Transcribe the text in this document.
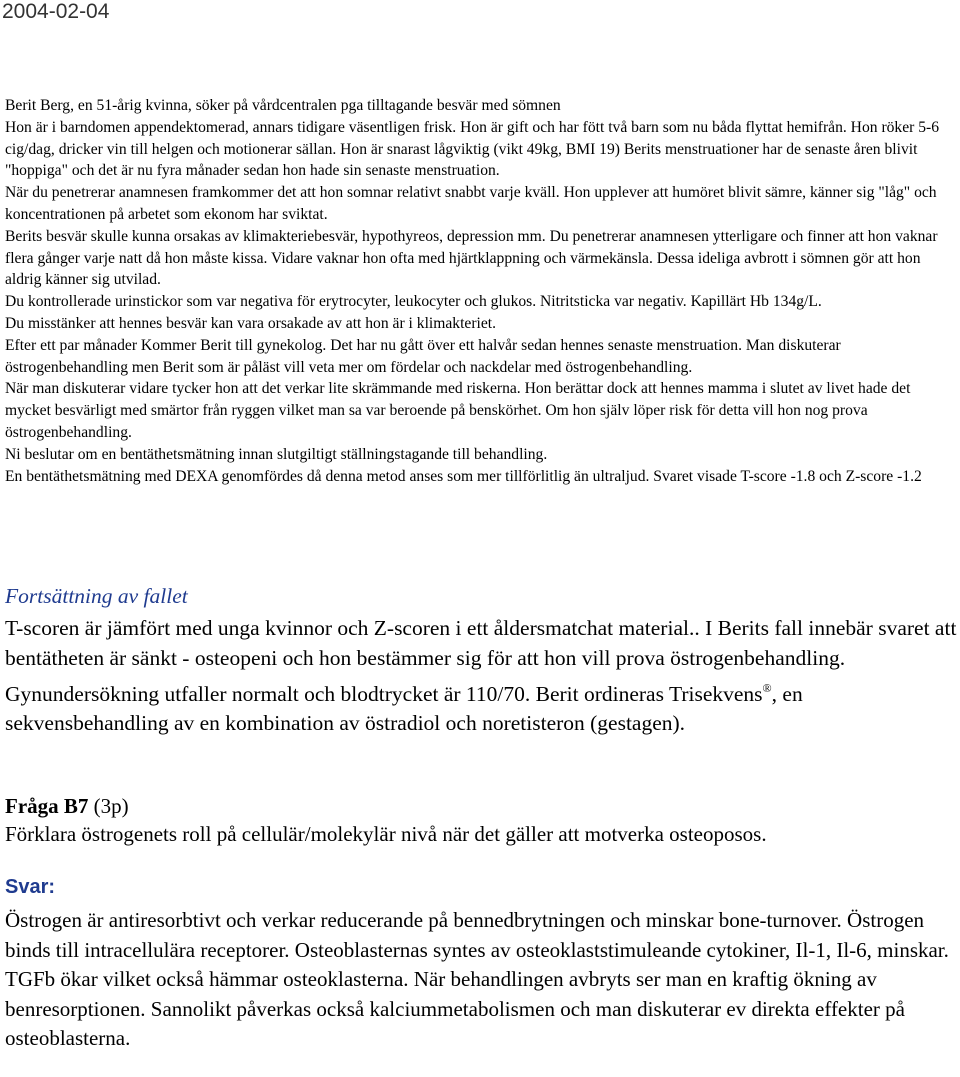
2004-02-04

Berit Berg, en 51-årig kvinna, söker på vårdcentralen pga tilltagande besvär med sömnen

Hon är i barndomen appendektomerad, annars tidigare väsentligen frisk. Hon är gift och har fött två barn som nu båda flyttat hemifrån. Hon röker 5-6 cig/dag, dricker vin till helgen och motionerar sällan. Hon är snarast lågviktig (vikt 49kg, BMI 19) Berits menstruationer har de senaste åren blivit "hoppiga" och det är nu fyra månader sedan hon hade sin senaste menstruation.

När du penetrerar anamnesen framkommer det att hon somnar relativt snabbt varje kväll. Hon upplever att humöret blivit sämre, känner sig "låg" och koncentrationen på arbetet som ekonom har sviktat.

Berits besvär skulle kunna orsakas av klimakteriebesvär, hypothyreos, depression mm. Du penetrerar anamnesen ytterligare och finner att hon vaknar flera gånger varje natt då hon måste kissa. Vidare vaknar hon ofta med hjärtklappning och värmekänsla. Dessa ideliga avbrott i sömnen gör att hon aldrig känner sig utvilad.

Du kontrollerade urinstickor som var negativa för erytrocyter, leukocyter och glukos. Nitritsticka var negativ. Kapillärt Hb 134g/L.

Du misstänker att hennes besvär kan vara orsakade av att hon är i klimakteriet.

Efter ett par månader Kommer Berit till gynekolog. Det har nu gått över ett halvår sedan hennes senaste menstruation. Man diskuterar östrogenbehandling men Berit som är påläst vill veta mer om fördelar och nackdelar med östrogenbehandling.

När man diskuterar vidare tycker hon att det verkar lite skrämmande med riskerna. Hon berättar dock att hennes mamma i slutet av livet hade det mycket besvärligt med smärtor från ryggen vilket man sa var beroende på benskörhet. Om hon själv löper risk för detta vill hon nog prova östrogenbehandling.

Ni beslutar om en bentäthetsmätning innan slutgiltigt ställningstagande till behandling.

En bentäthetsmätning med DEXA genomfördes då denna metod anses som mer tillförlitlig än ultraljud. Svaret visade T-score -1.8 och Z-score -1.2

Fortsättning av fallet
T-scoren är jämfört med unga kvinnor och Z-scoren i ett åldersmatchat material.. I Berits fall innebär svaret att bentätheten är sänkt - osteopeni och hon bestämmer sig för att hon vill prova östrogenbehandling. Gynundersökning utfaller normalt och blodtrycket är 110/70. Berit ordineras Trisekvens®, en sekvensbehandling av en kombination av östradiol och noretisteron (gestagen).
Fråga B7 (3p)
Förklara östrogenets roll på cellulär/molekylär nivå när det gäller att motverka osteoposos.
Svar:
Östrogen är antiresorbtivt och verkar reducerande på bennedbrytningen och minskar bone-turnover. Östrogen binds till intracellulära receptorer. Osteoblasternas syntes av osteoklaststimuleande cytokiner, Il-1, Il-6, minskar. TGFb ökar vilket också hämmar osteoklasterna. När behandlingen avbryts ser man en kraftig ökning av benresorptionen. Sannolikt påverkas också kalciummetabolismen och man diskuterar ev direkta effekter på osteoblasterna.
